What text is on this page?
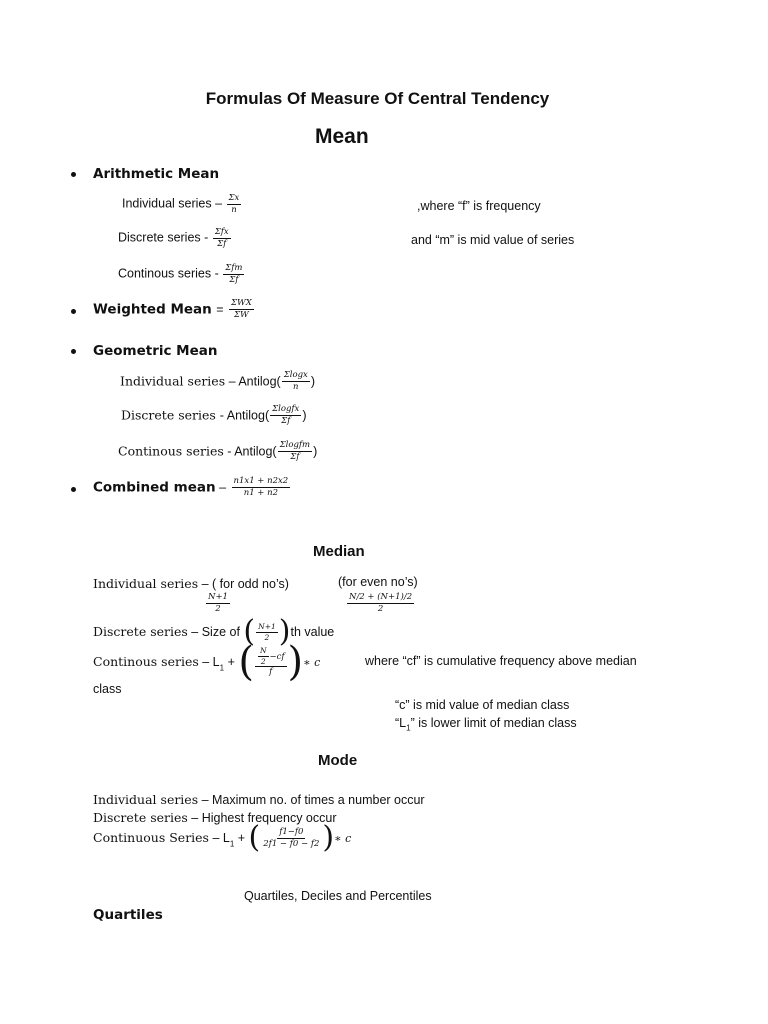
Formulas Of Measure Of Central Tendency
Mean
Arithmetic Mean
Individual series – $\frac{\Sigma x}{n}$	,where “f” is frequency
Discrete series - $\frac{\text{Σfx}}{\Sigma f}$	and “m” is mid value of series
Continous series - $\frac{\text{Σfm}}{\Sigma f}$
Weighted Mean = $\frac{\text{ΣWX}}{\Sigma W}$
Geometric Mean
Individual series – Antilog( $\frac{\Sigma\log x}{n}$ )
Discrete series - Antilog( $\frac{\text{Σlogfx}}{\Sigma f}$ )
Continous series - Antilog( $\frac{\text{Σlogfm}}{\Sigma f}$ )
Combined mean – $\frac{n1x1 + n2x2}{n1 + n2}$
Median
Individual series – ( for odd no’s)	(for even no’s)
$\frac{N+1}{2}$	$\frac{N/2 + (N+1)/2}{2}$
Discrete series – Size of ( $\frac{N+1}{2} )th$ value
Continous series – $L_1$ + ( $\frac{\frac{N}{2} -cf}{f}$ )∗ c	where “cf” is cumulative frequency above median
class
“c” is mid value of median class
“$L_1$” is lower limit of median class
Mode
Individual series – Maximum no. of times a number occur
Discrete series – Highest frequency occur
Continuous Series – $L_1$ + ( $\frac{f1-f0}{2f1 - f0 - f2}$ )∗ c
Quartiles, Deciles and Percentiles
Quartiles
